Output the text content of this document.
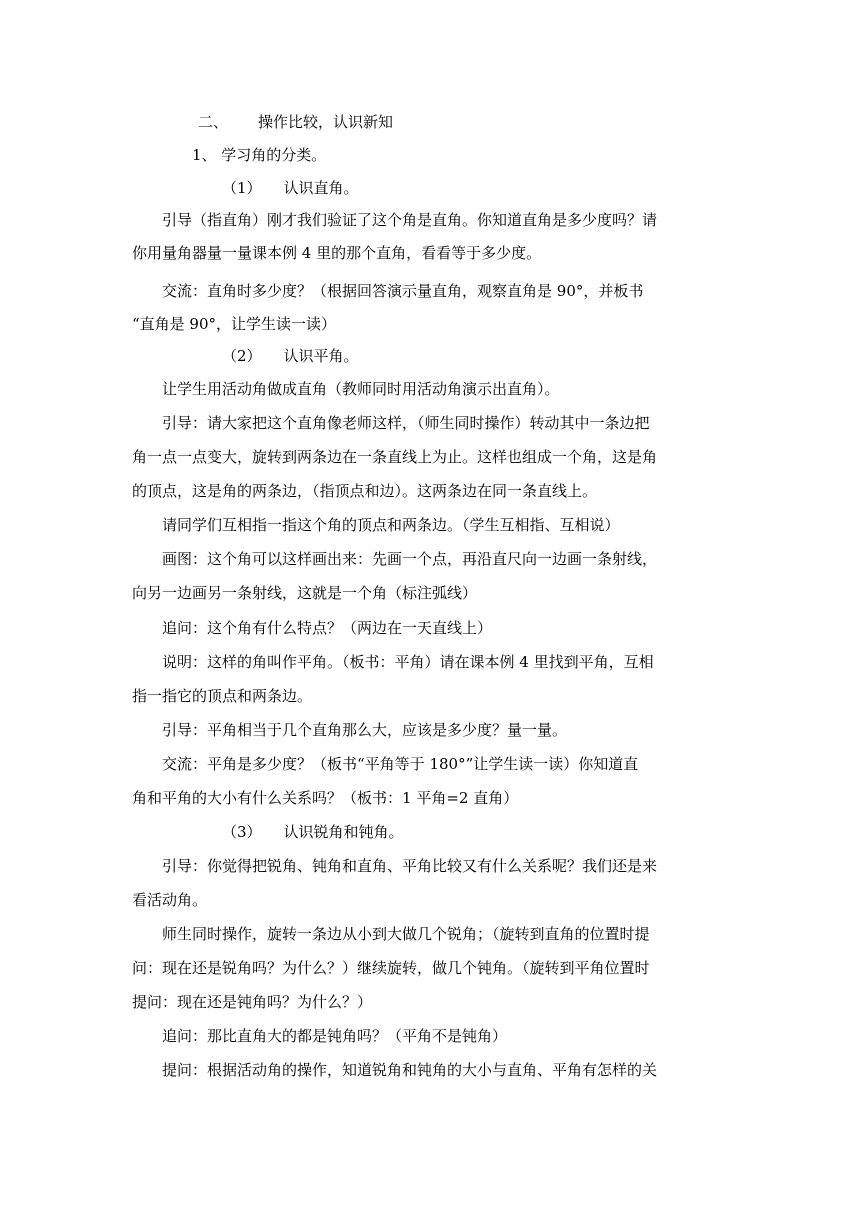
二、 操作比较，认识新知
1、 学习角的分类。
（1） 认识直角。
引导（指直角）刚才我们验证了这个角是直角。你知道直角是多少度吗？请
你用量角器量一量课本例 4 里的那个直角，看看等于多少度。
交流：直角时多少度？（根据回答演示量直角，观察直角是 90°，并板书
“直角是 90°，让学生读一读）
（2） 认识平角。
让学生用活动角做成直角（教师同时用活动角演示出直角）。
引导：请大家把这个直角像老师这样，（师生同时操作）转动其中一条边把
角一点一点变大，旋转到两条边在一条直线上为止。这样也组成一个角，这是角
的顶点，这是角的两条边，（指顶点和边）。这两条边在同一条直线上。
请同学们互相指一指这个角的顶点和两条边。（学生互相指、互相说）
画图：这个角可以这样画出来：先画一个点，再沿直尺向一边画一条射线，
向另一边画另一条射线，这就是一个角（标注弧线）
追问：这个角有什么特点？（两边在一天直线上）
说明：这样的角叫作平角。（板书：平角）请在课本例 4 里找到平角，互相
指一指它的顶点和两条边。
引导：平角相当于几个直角那么大，应该是多少度？量一量。
交流：平角是多少度？（板书“平角等于 180°”让学生读一读）你知道直
角和平角的大小有什么关系吗？（板书：1 平角=2 直角）
（3） 认识锐角和钝角。
引导：你觉得把锐角、钝角和直角、平角比较又有什么关系呢？我们还是来
看活动角。
师生同时操作，旋转一条边从小到大做几个锐角；（旋转到直角的位置时提
问：现在还是锐角吗？为什么？）继续旋转，做几个钝角。（旋转到平角位置时
提问：现在还是钝角吗？为什么？）
追问：那比直角大的都是钝角吗？（平角不是钝角）
提问：根据活动角的操作，知道锐角和钝角的大小与直角、平角有怎样的关
